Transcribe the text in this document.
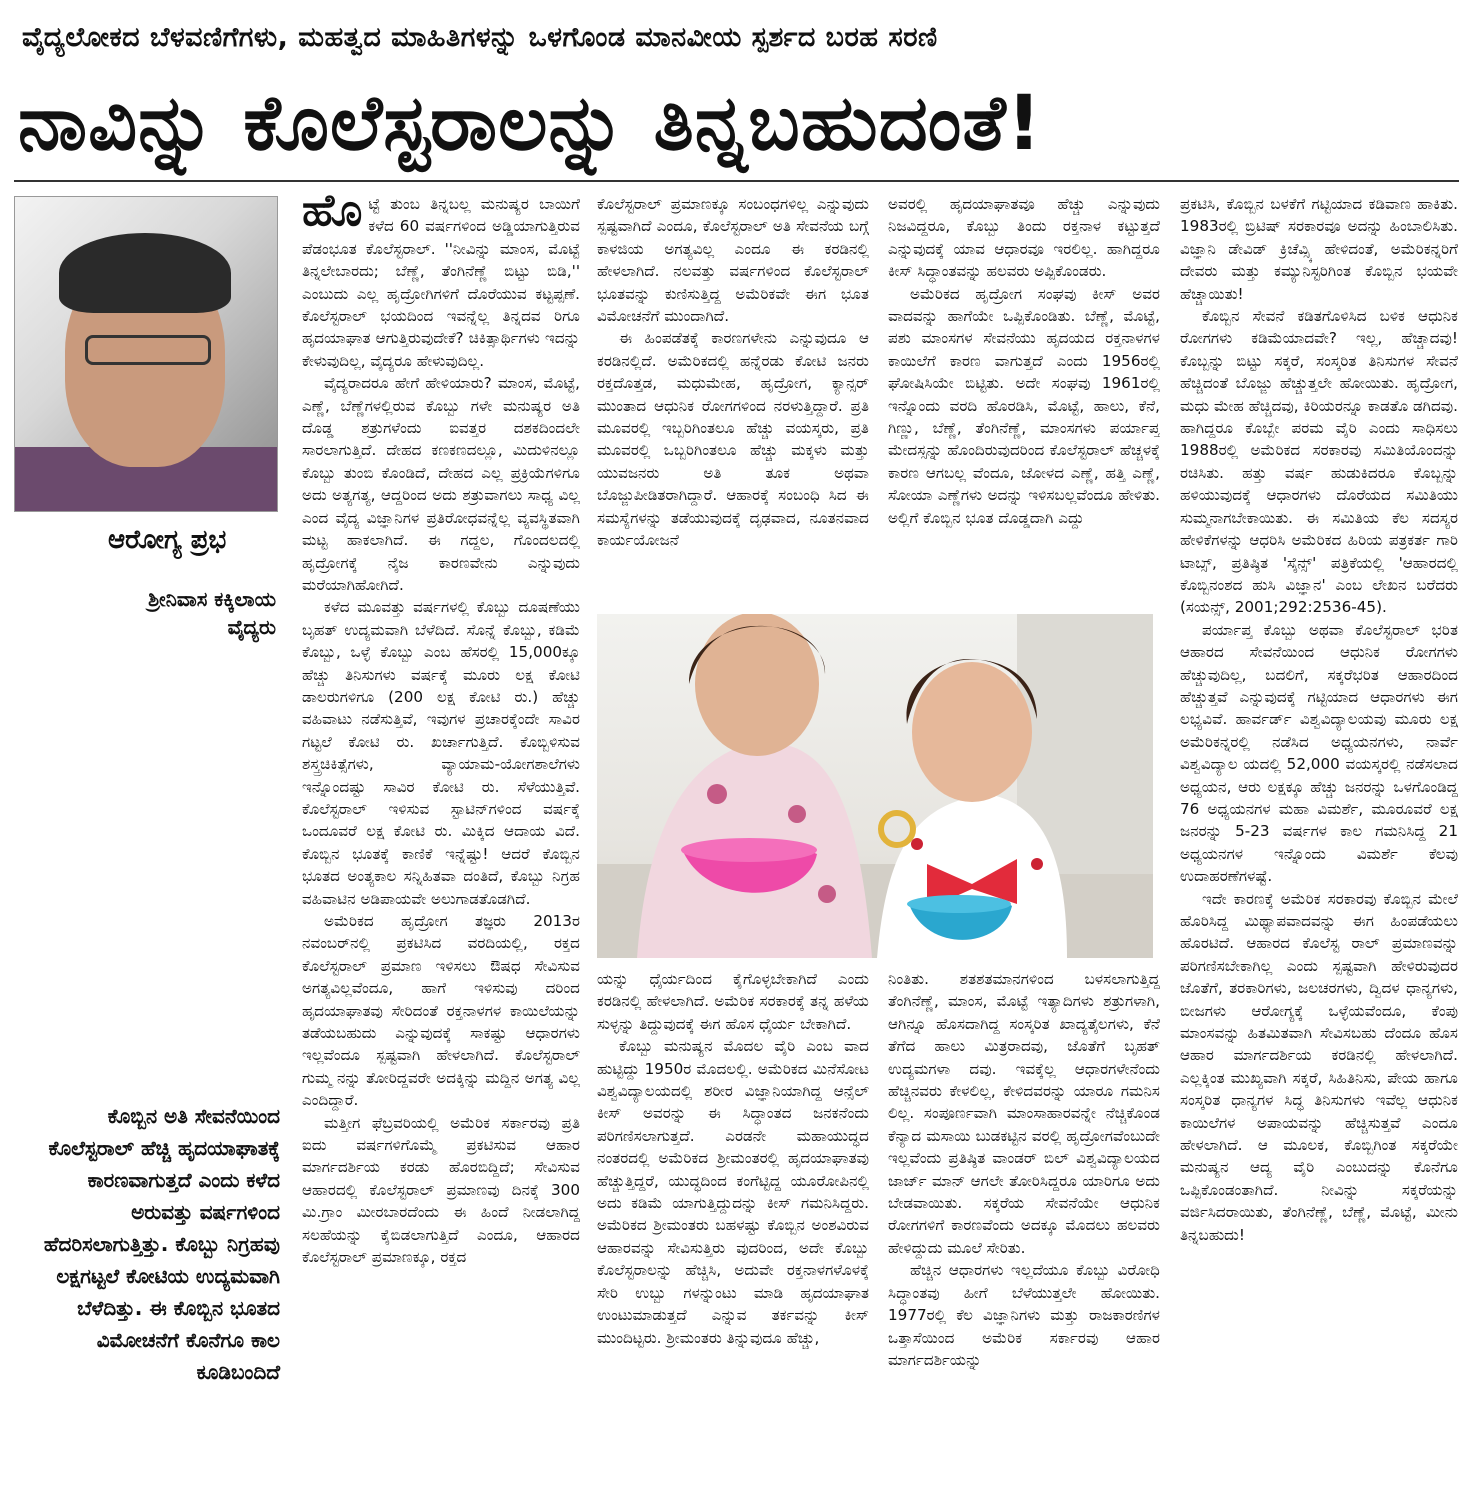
ವೈದ್ಯಲೋಕದ ಬೆಳವಣಿಗೆಗಳು, ಮಹತ್ವದ ಮಾಹಿತಿಗಳನ್ನು ಒಳಗೊಂಡ ಮಾನವೀಯ ಸ್ಪರ್ಶದ ಬರಹ ಸರಣಿ
ನಾವಿನ್ನು ಕೊಲೆಸ್ಟರಾಲನ್ನು ತಿನ್ನಬಹುದಂತೆ!
ಆರೋಗ್ಯ ಪ್ರಭ
ಶ್ರೀನಿವಾಸ ಕಕ್ಕಿಲಾಯ
ವೈದ್ಯರು
ಕೊಬ್ಬಿನ ಅತಿ ಸೇವನೆಯಿಂದ ಕೊಲೆಸ್ಟರಾಲ್ ಹೆಚ್ಚಿ ಹೃದಯಾಘಾತಕ್ಕೆ ಕಾರಣವಾಗುತ್ತದೆ ಎಂದು ಕಳೆದ ಅರುವತ್ತು ವರ್ಷಗಳಿಂದ ಹೆದರಿಸಲಾಗುತ್ತಿತ್ತು. ಕೊಬ್ಬು ನಿಗ್ರಹವು ಲಕ್ಷಗಟ್ಟಲೆ ಕೋಟಿಯ ಉದ್ಯಮವಾಗಿ ಬೆಳೆದಿತ್ತು. ಈ ಕೊಬ್ಬಿನ ಭೂತದ ವಿಮೋಚನೆಗೆ ಕೊನೆಗೂ ಕಾಲ ಕೂಡಿಬಂದಿದೆ

ಹೊಟ್ಟೆ ತುಂಬ ತಿನ್ನಬಲ್ಲ ಮನುಷ್ಯರ ಬಾಯಿಗೆ ಕಳೆದ 60 ವರ್ಷಗಳಿಂದ ಅಡ್ಡಿಯಾಗುತ್ತಿರುವ ಪೆಡಂಭೂತ ಕೊಲೆಸ್ಟರಾಲ್. ''ನೀವಿನ್ನು ಮಾಂಸ, ಮೊಟ್ಟೆ ತಿನ್ನಲೇಬಾರದು; ಬೆಣ್ಣೆ, ತೆಂಗಿನೆಣ್ಣೆ ಬಿಟ್ಟು ಬಿಡಿ,'' ಎಂಬುದು ಎಲ್ಲ ಹೃದ್ರೋಗಿಗಳಿಗೆ ದೊರೆಯುವ ಕಟ್ಟಪ್ಪಣೆ. ಕೊಲೆಸ್ಟರಾಲ್ ಭಯದಿಂದ ಇವನ್ನೆಲ್ಲ ತಿನ್ನದವ ರಿಗೂ ಹೃದಯಾಘಾತ ಆಗುತ್ತಿರುವುದೇಕೆ? ಚಿಕಿತ್ಸಾರ್ಥಿಗಳು ಇದನ್ನು ಕೇಳುವುದಿಲ್ಲ, ವೈದ್ಯರೂ ಹೇಳುವುದಿಲ್ಲ.

ವೈದ್ಯರಾದರೂ ಹೇಗೆ ಹೇಳಿಯಾರು? ಮಾಂಸ, ಮೊಟ್ಟೆ, ಎಣ್ಣೆ, ಬೆಣ್ಣೆಗಳಲ್ಲಿರುವ ಕೊಬ್ಬು ಗಳೇ ಮನುಷ್ಯರ ಅತಿ ದೊಡ್ಡ ಶತ್ರುಗಳೆಂದು ಐವತ್ತರ ದಶಕದಿಂದಲೇ ಸಾರಲಾಗುತ್ತಿದೆ. ದೇಹದ ಕಣಕಣದಲ್ಲೂ, ಮಿದುಳಿನಲ್ಲೂ ಕೊಬ್ಬು ತುಂಬಿ ಕೊಂಡಿದೆ, ದೇಹದ ಎಲ್ಲ ಪ್ರಕ್ರಿಯೆಗಳಿಗೂ ಅದು ಅತ್ಯಗತ್ಯ, ಆದ್ದರಿಂದ ಅದು ಶತ್ರುವಾಗಲು ಸಾಧ್ಯ ವಿಲ್ಲ ಎಂದ ವೈದ್ಯ ವಿಜ್ಞಾನಿಗಳ ಪ್ರತಿರೋಧವನ್ನೆಲ್ಲ ವ್ಯವಸ್ಥಿತವಾಗಿ ಮಟ್ಟ ಹಾಕಲಾಗಿದೆ. ಈ ಗದ್ದಲ, ಗೊಂದಲದಲ್ಲಿ ಹೃದ್ರೋಗಕ್ಕೆ ನೈಜ ಕಾರಣವೇನು ಎನ್ನುವುದು ಮರೆಯಾಗಿಹೋಗಿದೆ.

ಕಳೆದ ಮೂವತ್ತು ವರ್ಷಗಳಲ್ಲಿ ಕೊಬ್ಬು ದೂಷಣೆಯು ಬೃಹತ್ ಉದ್ಯಮವಾಗಿ ಬೆಳೆದಿದೆ. ಸೊನ್ನೆ ಕೊಬ್ಬು, ಕಡಿಮೆ ಕೊಬ್ಬು, ಒಳ್ಳೆ ಕೊಬ್ಬು ಎಂಬ ಹೆಸರಲ್ಲಿ 15,000ಕ್ಕೂ ಹೆಚ್ಚು ತಿನಿಸುಗಳು ವರ್ಷಕ್ಕೆ ಮೂರು ಲಕ್ಷ ಕೋಟಿ ಡಾಲರುಗಳಿಗೂ (200 ಲಕ್ಷ ಕೋಟಿ ರು.) ಹೆಚ್ಚು ವಹಿವಾಟು ನಡೆಸುತ್ತಿವೆ, ಇವುಗಳ ಪ್ರಚಾರಕ್ಕೆಂದೇ ಸಾವಿರ ಗಟ್ಟಲೆ ಕೋಟಿ ರು. ಖರ್ಚಾಗುತ್ತಿದೆ. ಕೊಬ್ಬಿಳಿಸುವ ಶಸ್ತ್ರಚಿಕಿತ್ಸೆಗಳು, ವ್ಯಾಯಾಮ-ಯೋಗಶಾಲೆಗಳು ಇನ್ನೊಂದಷ್ಟು ಸಾವಿರ ಕೋಟಿ ರು. ಸೆಳೆಯುತ್ತಿವೆ. ಕೊಲೆಸ್ಟರಾಲ್ ಇಳಿಸುವ ಸ್ಟಾಟಿನ್‌ಗಳಿಂದ ವರ್ಷಕ್ಕೆ ಒಂದೂವರೆ ಲಕ್ಷ ಕೋಟಿ ರು. ಮಿಕ್ಕಿದ ಆದಾಯ ವಿದೆ. ಕೊಬ್ಬಿನ ಭೂತಕ್ಕೆ ಕಾಣಿಕೆ ಇನ್ನೆಷ್ಟು! ಆದರೆ ಕೊಬ್ಬಿನ ಭೂತದ ಅಂತ್ಯಕಾಲ ಸನ್ನಿಹಿತವಾ ದಂತಿದೆ, ಕೊಬ್ಬು ನಿಗ್ರಹ ವಹಿವಾಟಿನ ಅಡಿಪಾಯವೇ ಅಲುಗಾಡತೊಡಗಿದೆ.

ಅಮೆರಿಕದ ಹೃದ್ರೋಗ ತಜ್ಞರು 2013ರ ನವಂಬರ್‌ನಲ್ಲಿ ಪ್ರಕಟಿಸಿದ ವರದಿಯಲ್ಲಿ, ರಕ್ತದ ಕೊಲೆಸ್ಟರಾಲ್ ಪ್ರಮಾಣ ಇಳಿಸಲು ಔಷಧ ಸೇವಿಸುವ ಅಗತ್ಯವಿಲ್ಲವೆಂದೂ, ಹಾಗೆ ಇಳಿಸುವು ದರಿಂದ ಹೃದಯಾಘಾತವು ಸೇರಿದಂತೆ ರಕ್ತನಾಳಗಳ ಕಾಯಿಲೆಯನ್ನು ತಡೆಯಬಹುದು ಎನ್ನುವುದಕ್ಕೆ ಸಾಕಷ್ಟು ಆಧಾರಗಳು ಇಲ್ಲವೆಂದೂ ಸ್ಪಷ್ಟವಾಗಿ ಹೇಳಲಾಗಿದೆ. ಕೊಲೆಸ್ಟರಾಲ್ ಗುಮ್ಮ ನನ್ನು ತೋರಿದ್ದವರೇ ಅದಕ್ಕಿನ್ನು ಮದ್ದಿನ ಅಗತ್ಯ ವಿಲ್ಲ ಎಂದಿದ್ದಾರೆ.

ಮತ್ತೀಗ ಫೆಬ್ರವರಿಯಲ್ಲಿ ಅಮೆರಿಕ ಸರ್ಕಾರವು ಪ್ರತಿ ಐದು ವರ್ಷಗಳಿಗೊಮ್ಮೆ ಪ್ರಕಟಿಸುವ ಆಹಾರ ಮಾರ್ಗದರ್ಶಿಯ ಕರಡು ಹೊರಬಿದ್ದಿದೆ; ಸೇವಿಸುವ ಆಹಾರದಲ್ಲಿ ಕೊಲೆಸ್ಟರಾಲ್ ಪ್ರಮಾಣವು ದಿನಕ್ಕೆ 300 ಮಿ.ಗ್ರಾಂ ಮೀರಬಾರದೆಂದು ಈ ಹಿಂದೆ ನೀಡಲಾಗಿದ್ದ ಸಲಹೆಯನ್ನು ಕೈಬಿಡಲಾಗುತ್ತಿದೆ ಎಂದೂ, ಆಹಾರದ ಕೊಲೆಸ್ಟರಾಲ್ ಪ್ರಮಾಣಕ್ಕೂ, ರಕ್ತದ

ಕೊಲೆಸ್ಟರಾಲ್ ಪ್ರಮಾಣಕ್ಕೂ ಸಂಬಂಧಗಳಿಲ್ಲ ಎನ್ನುವುದು ಸ್ಪಷ್ಟವಾಗಿದೆ ಎಂದೂ, ಕೊಲೆಸ್ಟರಾಲ್ ಅತಿ ಸೇವನೆಯ ಬಗ್ಗೆ ಕಾಳಜಿಯ ಅಗತ್ಯವಿಲ್ಲ ಎಂದೂ ಈ ಕರಡಿನಲ್ಲಿ ಹೇಳಲಾಗಿದೆ. ನಲವತ್ತು ವರ್ಷಗಳಿಂದ ಕೊಲೆಸ್ಟರಾಲ್ ಭೂತವನ್ನು ಕುಣಿಸುತ್ತಿದ್ದ ಅಮೆರಿಕವೇ ಈಗ ಭೂತ ವಿಮೋಚನೆಗೆ ಮುಂದಾಗಿದೆ.

ಈ ಹಿಂಪಡೆತಕ್ಕೆ ಕಾರಣಗಳೇನು ಎನ್ನುವುದೂ ಆ ಕರಡಿನಲ್ಲಿದೆ. ಅಮೆರಿಕದಲ್ಲಿ ಹನ್ನೆರಡು ಕೋಟಿ ಜನರು ರಕ್ತದೊತ್ತಡ, ಮಧುಮೇಹ, ಹೃದ್ರೋಗ, ಕ್ಯಾನ್ಸರ್ ಮುಂತಾದ ಆಧುನಿಕ ರೋಗಗಳಿಂದ ನರಳುತ್ತಿದ್ದಾರೆ. ಪ್ರತಿ ಮೂವರಲ್ಲಿ ಇಬ್ಬರಿಗಿಂತಲೂ ಹೆಚ್ಚು ವಯಸ್ಕರು, ಪ್ರತಿ ಮೂವರಲ್ಲಿ ಒಬ್ಬರಿಗಿಂತಲೂ ಹೆಚ್ಚು ಮಕ್ಕಳು ಮತ್ತು ಯುವಜನರು ಅತಿ ತೂಕ ಅಥವಾ ಬೊಜ್ಜುಪೀಡಿತರಾಗಿದ್ದಾರೆ. ಆಹಾರಕ್ಕೆ ಸಂಬಂಧಿ ಸಿದ ಈ ಸಮಸ್ಯೆಗಳನ್ನು ತಡೆಯುವುದಕ್ಕೆ ದೃಢವಾದ, ನೂತನವಾದ ಕಾರ್ಯಯೋಜನೆ

ಅವರಲ್ಲಿ ಹೃದಯಾಘಾತವೂ ಹೆಚ್ಚು ಎನ್ನುವುದು ನಿಜವಿದ್ದರೂ, ಕೊಬ್ಬು ತಿಂದು ರಕ್ತನಾಳ ಕಟ್ಟುತ್ತದೆ ಎನ್ನುವುದಕ್ಕೆ ಯಾವ ಆಧಾರವೂ ಇರಲಿಲ್ಲ. ಹಾಗಿದ್ದರೂ ಕೀಸ್ ಸಿದ್ಧಾಂತವನ್ನು ಹಲವರು ಅಪ್ಪಿಕೊಂಡರು.

ಅಮೆರಿಕದ ಹೃದ್ರೋಗ ಸಂಘವು ಕೀಸ್ ಅವರ ವಾದವನ್ನು ಹಾಗೆಯೇ ಒಪ್ಪಿಕೊಂಡಿತು. ಬೆಣ್ಣೆ, ಮೊಟ್ಟೆ, ಪಶು ಮಾಂಸಗಳ ಸೇವನೆಯು ಹೃದಯದ ರಕ್ತನಾಳಗಳ ಕಾಯಿಲೆಗೆ ಕಾರಣ ವಾಗುತ್ತದೆ ಎಂದು 1956ರಲ್ಲಿ ಘೋಷಿಸಿಯೇ ಬಿಟ್ಟಿತು. ಅದೇ ಸಂಘವು 1961ರಲ್ಲಿ ಇನ್ನೊಂದು ವರದಿ ಹೊರಡಿಸಿ, ಮೊಟ್ಟೆ, ಹಾಲು, ಕೆನೆ, ಗಿಣ್ಣು, ಬೆಣ್ಣೆ, ತೆಂಗಿನೆಣ್ಣೆ, ಮಾಂಸಗಳು ಪರ್ಯಾಪ್ತ ಮೇದಸ್ಸನ್ನು ಹೊಂದಿರುವುದರಿಂದ ಕೊಲೆಸ್ಟರಾಲ್ ಹೆಚ್ಚಳಕ್ಕೆ ಕಾರಣ ಆಗಬಲ್ಲ ವೆಂದೂ, ಜೋಳದ ಎಣ್ಣೆ, ಹತ್ತಿ ಎಣ್ಣೆ, ಸೋಯಾ ಎಣ್ಣೆಗಳು ಅದನ್ನು ಇಳಿಸಬಲ್ಲವೆಂದೂ ಹೇಳಿತು. ಅಲ್ಲಿಗೆ ಕೊಬ್ಬಿನ ಭೂತ ದೊಡ್ಡದಾಗಿ ಎದ್ದು

ಯನ್ನು ಧೈರ್ಯದಿಂದ ಕೈಗೊಳ್ಳಬೇಕಾಗಿದೆ ಎಂದು ಕರಡಿನಲ್ಲಿ ಹೇಳಲಾಗಿದೆ. ಅಮೆರಿಕ ಸರಕಾರಕ್ಕೆ ತನ್ನ ಹಳೆಯ ಸುಳ್ಳನ್ನು ತಿದ್ದುವುದಕ್ಕೆ ಈಗ ಹೊಸ ಧೈರ್ಯ ಬೇಕಾಗಿದೆ.

ಕೊಬ್ಬು ಮನುಷ್ಯನ ಮೊದಲ ವೈರಿ ಎಂಬ ವಾದ ಹುಟ್ಟಿದ್ದು 1950ರ ಮೊದಲಲ್ಲಿ. ಅಮೆರಿಕದ ಮಿನೆಸೋಟ ವಿಶ್ವವಿದ್ಯಾಲಯದಲ್ಲಿ ಶರೀರ ವಿಜ್ಞಾನಿಯಾಗಿದ್ದ ಆನ್ಸೆಲ್ ಕೀಸ್ ಅವರನ್ನು ಈ ಸಿದ್ಧಾಂತದ ಜನಕನೆಂದು ಪರಿಗಣಿಸಲಾಗುತ್ತದೆ. ಎರಡನೇ ಮಹಾಯುದ್ಧದ ನಂತರದಲ್ಲಿ ಅಮೆರಿಕದ ಶ್ರೀಮಂತರಲ್ಲಿ ಹೃದಯಾಘಾತವು ಹೆಚ್ಚುತ್ತಿದ್ದರೆ, ಯುದ್ಧದಿಂದ ಕಂಗೆಟ್ಟಿದ್ದ ಯೂರೋಪಿನಲ್ಲಿ ಅದು ಕಡಿಮೆ ಯಾಗುತ್ತಿದ್ದುದನ್ನು ಕೀಸ್ ಗಮನಿಸಿದ್ದರು. ಅಮೆರಿಕದ ಶ್ರೀಮಂತರು ಬಹಳಷ್ಟು ಕೊಬ್ಬಿನ ಅಂಶವಿರುವ ಆಹಾರವನ್ನು ಸೇವಿಸುತ್ತಿರು ವುದರಿಂದ, ಅದೇ ಕೊಬ್ಬು ಕೊಲೆಸ್ಟರಾಲನ್ನು ಹೆಚ್ಚಿಸಿ, ಅದುವೇ ರಕ್ತನಾಳಗಳೊಳಕ್ಕೆ ಸೇರಿ ಉಬ್ಬು ಗಳನ್ನುಂಟು ಮಾಡಿ ಹೃದಯಾಘಾತ ಉಂಟುಮಾಡುತ್ತದೆ ಎನ್ನುವ ತರ್ಕವನ್ನು ಕೀಸ್ ಮುಂದಿಟ್ಟರು. ಶ್ರೀಮಂತರು ತಿನ್ನುವುದೂ ಹೆಚ್ಚು,

ನಿಂತಿತು. ಶತಶತಮಾನಗಳಿಂದ ಬಳಸಲಾಗುತ್ತಿದ್ದ ತೆಂಗಿನೆಣ್ಣೆ, ಮಾಂಸ, ಮೊಟ್ಟೆ ಇತ್ಯಾದಿಗಳು ಶತ್ರುಗಳಾಗಿ, ಆಗಿನ್ನೂ ಹೊಸದಾಗಿದ್ದ ಸಂಸ್ಕರಿತ ಖಾದ್ಯತೈಲಗಳು, ಕೆನೆ ತೆಗೆದ ಹಾಲು ಮಿತ್ರರಾದವು, ಜೊತೆಗೆ ಬೃಹತ್ ಉದ್ಯಮಗಳಾ ದವು. ಇವಕ್ಕೆಲ್ಲ ಆಧಾರಗಳೇನೆಂದು ಹೆಚ್ಚಿನವರು ಕೇಳಲಿಲ್ಲ, ಕೇಳಿದವರನ್ನು ಯಾರೂ ಗಮನಿಸ ಲಿಲ್ಲ. ಸಂಪೂರ್ಣವಾಗಿ ಮಾಂಸಾಹಾರವನ್ನೇ ನೆಚ್ಚಿಕೊಂಡ ಕೆನ್ಯಾದ ಮಸಾಯಿ ಬುಡಕಟ್ಟಿನ ವರಲ್ಲಿ ಹೃದ್ರೋಗವೆಂಬುದೇ ಇಲ್ಲವೆಂದು ಪ್ರತಿಷ್ಠಿತ ವಾಂಡರ್ ಬಿಲ್ ವಿಶ್ವವಿದ್ಯಾಲಯದ ಜಾರ್ಜ್ ಮಾನ್ ಆಗಲೇ ತೋರಿಸಿದ್ದರೂ ಯಾರಿಗೂ ಅದು ಬೇಡವಾಯಿತು. ಸಕ್ಕರೆಯ ಸೇವನೆಯೇ ಆಧುನಿಕ ರೋಗಗಳಿಗೆ ಕಾರಣವೆಂದು ಅದಕ್ಕೂ ಮೊದಲು ಹಲವರು ಹೇಳಿದ್ದುದು ಮೂಲೆ ಸೇರಿತು.

ಹೆಚ್ಚಿನ ಆಧಾರಗಳು ಇಲ್ಲದೆಯೂ ಕೊಬ್ಬು ವಿರೋಧಿ ಸಿದ್ಧಾಂತವು ಹೀಗೆ ಬೆಳೆಯುತ್ತಲೇ ಹೋಯಿತು. 1977ರಲ್ಲಿ ಕೆಲ ವಿಜ್ಞಾನಿಗಳು ಮತ್ತು ರಾಜಕಾರಣಿಗಳ ಒತ್ತಾಸೆಯಿಂದ ಅಮೆರಿಕ ಸರ್ಕಾರವು ಆಹಾರ ಮಾರ್ಗದರ್ಶಿಯನ್ನು

ಪ್ರಕಟಿಸಿ, ಕೊಬ್ಬಿನ ಬಳಕೆಗೆ ಗಟ್ಟಿಯಾದ ಕಡಿವಾಣ ಹಾಕಿತು. 1983ರಲ್ಲಿ ಬ್ರಿಟಿಷ್ ಸರಕಾರವೂ ಅದನ್ನು ಹಿಂಬಾಲಿಸಿತು. ವಿಜ್ಞಾನಿ ಡೇವಿಡ್ ಕ್ರಿಚೆವ್ಸ್ಕಿ ಹೇಳಿದಂತೆ, ಅಮೆರಿಕನ್ನರಿಗೆ ದೇವರು ಮತ್ತು ಕಮ್ಯುನಿಸ್ಟರಿಗಿಂತ ಕೊಬ್ಬಿನ ಭಯವೇ ಹೆಚ್ಚಾಯಿತು!

ಕೊಬ್ಬಿನ ಸೇವನೆ ಕಡಿತಗೊಳಿಸಿದ ಬಳಿಕ ಆಧುನಿಕ ರೋಗಗಳು ಕಡಿಮೆಯಾದವೇ? ಇಲ್ಲ, ಹೆಚ್ಚಾದವು! ಕೊಬ್ಬನ್ನು ಬಿಟ್ಟು ಸಕ್ಕರೆ, ಸಂಸ್ಕರಿತ ತಿನಿಸುಗಳ ಸೇವನೆ ಹೆಚ್ಚಿದಂತೆ ಬೊಜ್ಜು ಹೆಚ್ಚುತ್ತಲೇ ಹೋಯಿತು. ಹೃದ್ರೋಗ, ಮಧು ಮೇಹ ಹೆಚ್ಚಿದವು, ಕಿರಿಯರನ್ನೂ ಕಾಡತೊ ಡಗಿದವು. ಹಾಗಿದ್ದರೂ ಕೊಬ್ಬೇ ಪರಮ ವೈರಿ ಎಂದು ಸಾಧಿಸಲು 1988ರಲ್ಲಿ ಅಮೆರಿಕದ ಸರಕಾರವು ಸಮಿತಿಯೊಂದನ್ನು ರಚಿಸಿತು. ಹತ್ತು ವರ್ಷ ಹುಡುಕಿದರೂ ಕೊಬ್ಬನ್ನು ಹಳಿಯುವುದಕ್ಕೆ ಆಧಾರಗಳು ದೊರೆಯದ ಸಮಿತಿಯು ಸುಮ್ಮನಾಗಬೇಕಾಯಿತು. ಈ ಸಮಿತಿಯ ಕೆಲ ಸದಸ್ಯರ ಹೇಳಿಕೆಗಳನ್ನು ಆಧರಿಸಿ ಅಮೆರಿಕದ ಹಿರಿಯ ಪತ್ರಕರ್ತ ಗಾರಿ ಟಾಬ್ಸ್, ಪ್ರತಿಷ್ಠಿತ 'ಸೈನ್ಸ್' ಪತ್ರಿಕೆಯಲ್ಲಿ 'ಆಹಾರದಲ್ಲಿ ಕೊಬ್ಬಿನಂಶದ ಹುಸಿ ವಿಜ್ಞಾನ' ಎಂಬ ಲೇಖನ ಬರೆದರು (ಸಯನ್ಸ್, 2001;292:2536-45).

ಪರ್ಯಾಪ್ತ ಕೊಬ್ಬು ಅಥವಾ ಕೊಲೆಸ್ಟರಾಲ್ ಭರಿತ ಆಹಾರದ ಸೇವನೆಯಿಂದ ಆಧುನಿಕ ರೋಗಗಳು ಹೆಚ್ಚುವುದಿಲ್ಲ, ಬದಲಿಗೆ, ಸಕ್ಕರೆಭರಿತ ಆಹಾರದಿಂದ ಹೆಚ್ಚುತ್ತವೆ ಎನ್ನುವುದಕ್ಕೆ ಗಟ್ಟಿಯಾದ ಆಧಾರಗಳು ಈಗ ಲಭ್ಯವಿವೆ. ಹಾರ್ವರ್ಡ್ ವಿಶ್ವವಿದ್ಯಾಲಯವು ಮೂರು ಲಕ್ಷ ಅಮೆರಿಕನ್ನರಲ್ಲಿ ನಡೆಸಿದ ಅಧ್ಯಯನಗಳು, ನಾರ್ವೆ ವಿಶ್ವವಿದ್ಯಾಲ ಯದಲ್ಲಿ 52,000 ವಯಸ್ಕರಲ್ಲಿ ನಡೆಸಲಾದ ಅಧ್ಯಯನ, ಆರು ಲಕ್ಷಕ್ಕೂ ಹೆಚ್ಚು ಜನರನ್ನು ಒಳಗೊಂಡಿದ್ದ 76 ಅಧ್ಯಯನಗಳ ಮಹಾ ವಿಮರ್ಶೆ, ಮೂರೂವರೆ ಲಕ್ಷ ಜನರನ್ನು 5-23 ವರ್ಷಗಳ ಕಾಲ ಗಮನಿಸಿದ್ದ 21 ಅಧ್ಯಯನಗಳ ಇನ್ನೊಂದು ವಿಮರ್ಶೆ ಕೆಲವು ಉದಾಹರಣೆಗಳಷ್ಟೆ.

ಇದೇ ಕಾರಣಕ್ಕೆ ಅಮೆರಿಕ ಸರಕಾರವು ಕೊಬ್ಬಿನ ಮೇಲೆ ಹೊರಿಸಿದ್ದ ಮಿಥ್ಯಾಪವಾದವನ್ನು ಈಗ ಹಿಂಪಡೆಯಲು ಹೊರಟಿದೆ. ಆಹಾರದ ಕೊಲೆಸ್ಟ ರಾಲ್ ಪ್ರಮಾಣವನ್ನು ಪರಿಗಣಿಸಬೇಕಾಗಿಲ್ಲ ಎಂದು ಸ್ಪಷ್ಟವಾಗಿ ಹೇಳಿರುವುದರ ಜೊತೆಗೆ, ತರಕಾರಿಗಳು, ಜಲಚರಗಳು, ದ್ವಿದಳ ಧಾನ್ಯಗಳು, ಬೀಜಗಳು ಆರೋಗ್ಯಕ್ಕೆ ಒಳ್ಳೆಯವೆಂದೂ, ಕೆಂಪು ಮಾಂಸವನ್ನು ಹಿತಮಿತವಾಗಿ ಸೇವಿಸಬಹು ದೆಂದೂ ಹೊಸ ಆಹಾರ ಮಾರ್ಗದರ್ಶಿಯ ಕರಡಿನಲ್ಲಿ ಹೇಳಲಾಗಿದೆ. ಎಲ್ಲಕ್ಕಿಂತ ಮುಖ್ಯವಾಗಿ ಸಕ್ಕರೆ, ಸಿಹಿತಿನಿಸು, ಪೇಯ ಹಾಗೂ ಸಂಸ್ಕರಿತ ಧಾನ್ಯಗಳ ಸಿದ್ಧ ತಿನಿಸುಗಳು ಇವೆಲ್ಲ ಆಧುನಿಕ ಕಾಯಿಲೆಗಳ ಅಪಾಯವನ್ನು ಹೆಚ್ಚಿಸುತ್ತವೆ ಎಂದೂ ಹೇಳಲಾಗಿದೆ. ಆ ಮೂಲಕ, ಕೊಬ್ಬಿಗಿಂತ ಸಕ್ಕರೆಯೇ ಮನುಷ್ಯನ ಆದ್ಯ ವೈರಿ ಎಂಬುದನ್ನು ಕೊನೆಗೂ ಒಪ್ಪಿಕೊಂಡಂತಾಗಿದೆ. ನೀವಿನ್ನು ಸಕ್ಕರೆಯನ್ನು ವರ್ಜಿಸಿದರಾಯಿತು, ತೆಂಗಿನೆಣ್ಣೆ, ಬೆಣ್ಣೆ, ಮೊಟ್ಟೆ, ಮೀನು ತಿನ್ನಬಹುದು!
